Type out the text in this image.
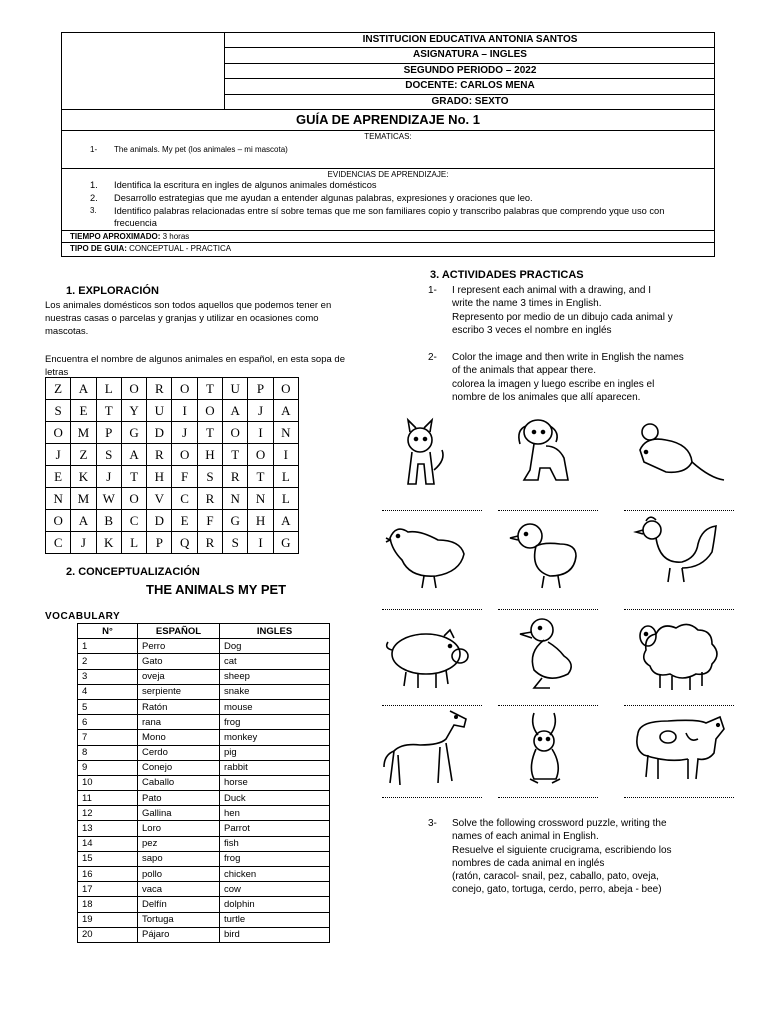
INSTITUCION EDUCATIVA ANTONIA SANTOS
ASIGNATURA – INGLES
SEGUNDO PERIODO – 2022
DOCENTE: CARLOS MENA
GRADO: SEXTO
GUÍA DE APRENDIZAJE No. 1
TEMATICAS:
1- The animals. My pet (los animales – mi mascota)
EVIDENCIAS DE APRENDIZAJE:
1.	Identifica la escritura en ingles de algunos animales domésticos
2.	Desarrollo estrategias que me ayudan a entender algunas palabras, expresiones y oraciones que leo.
3.	Identifico palabras relacionadas entre sí sobre temas que me son familiares copio y transcribo palabras que comprendo yque uso con frecuencia
TIEMPO APROXIMADO: 3 horas
TIPO DE GUIA: CONCEPTUAL - PRACTICA
1. EXPLORACIÓN
Los animales domésticos son todos aquellos que podemos tener en nuestras casas o parcelas y granjas y utilizar en ocasiones como mascotas.
Encuentra el nombre de algunos animales en español, en esta sopa de letras
Z	A	L	O	R	O	T	U	P	O
S	E	T	Y	U	I	O	A	J	A
O	M	P	G	D	J	T	O	I	N
J	Z	S	A	R	O	H	T	O	I
E	K	J	T	H	F	S	R	T	L
N	M	W	O	V	C	R	N	N	L
O	A	B	C	D	E	F	G	H	A
C	J	K	L	P	Q	R	S	I	G
2. CONCEPTUALIZACIÓN
THE ANIMALS MY PET
VOCABULARY
N°	ESPAÑOL	INGLES
1	Perro	Dog
2	Gato	cat
3	oveja	sheep
4	serpiente	snake
5	Ratón	mouse
6	rana	frog
7	Mono	monkey
8	Cerdo	pig
9	Conejo	rabbit
10	Caballo	horse
11	Pato	Duck
12	Gallina	hen
13	Loro	Parrot
14	pez	fish
15	sapo	frog
16	pollo	chicken
17	vaca	cow
18	Delfín	dolphin
19	Tortuga	turtle
20	Pájaro	bird
3. ACTIVIDADES PRACTICAS
1- I represent each animal with a drawing, and I
write the name 3 times in English.
Represento por medio de un dibujo cada animal y
escribo 3 veces el nombre en inglés
2- Color the image and then write in English the names
of the animals that appear there.
colorea la imagen y luego escribe en ingles el
nombre de los animales que allí aparecen.
3- Solve the following crossword puzzle, writing the
names of each animal in English.
Resuelve el siguiente crucigrama, escribiendo los
nombres de cada animal en inglés
(ratón, caracol- snail, pez, caballo, pato, oveja,
conejo, gato, tortuga, cerdo, perro, abeja - bee)
